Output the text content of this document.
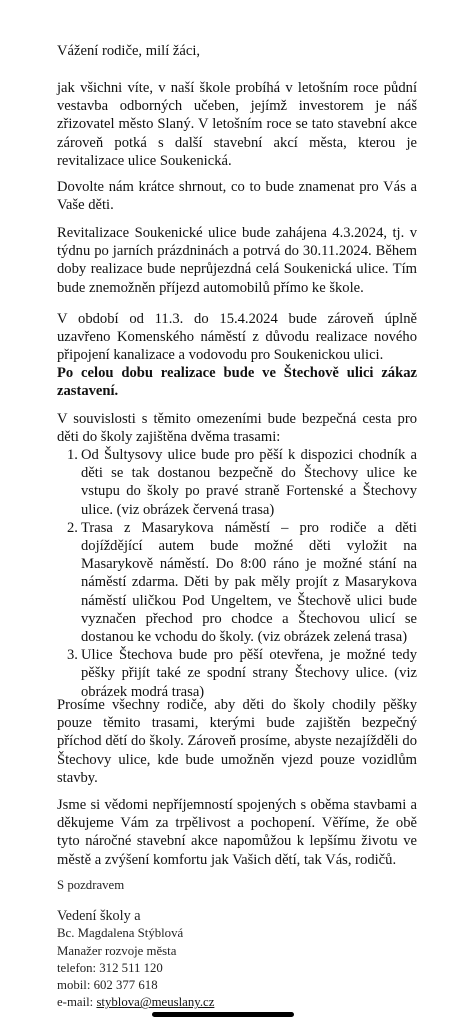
Vážení rodiče, milí žáci,

jak všichni víte, v naší škole probíhá v letošním roce půdní vestavba odborných učeben, jejímž investorem je náš zřizovatel město Slaný. V letošním roce se tato stavební akce zároveň potká s další stavební akcí města, kterou je revitalizace ulice Soukenická.

Dovolte nám krátce shrnout, co to bude znamenat pro Vás a Vaše děti.

Revitalizace Soukenické ulice bude zahájena 4.3.2024, tj. v týdnu po jarních prázdninách a potrvá do 30.11.2024. Během doby realizace bude neprůjezdná celá Soukenická ulice. Tím bude znemožněn příjezd automobilů přímo ke škole.

V období od 11.3. do 15.4.2024 bude zároveň úplně uzavřeno Komenského náměstí z důvodu realizace nového připojení kanalizace a vodovodu pro Soukenickou ulici.

Po celou dobu realizace bude ve Štechově ulici zákaz zastavení.

V souvislosti s těmito omezeními bude bezpečná cesta pro děti do školy zajištěna dvěma trasami:

1. Od Šultysovy ulice bude pro pěší k dispozici chodník a děti se tak dostanou bezpečně do Štechovy ulice ke vstupu do školy po pravé straně Fortenské a Štechovy ulice. (viz obrázek červená trasa)
2. Trasa z Masarykova náměstí – pro rodiče a děti dojíždějící autem bude možné děti vyložit na Masarykově náměstí. Do 8:00 ráno je možné stání na náměstí zdarma. Děti by pak měly projít z Masarykova náměstí uličkou Pod Ungeltem, ve Štechově ulici bude vyznačen přechod pro chodce a Štechovou ulicí se dostanou ke vchodu do školy. (viz obrázek zelená trasa)
3. Ulice Štechova bude pro pěší otevřena, je možné tedy pěšky přijít také ze spodní strany Štechovy ulice. (viz obrázek modrá trasa)

Prosíme všechny rodiče, aby děti do školy chodily pěšky pouze těmito trasami, kterými bude zajištěn bezpečný příchod dětí do školy. Zároveň prosíme, abyste nezajížděli do Štechovy ulice, kde bude umožněn vjezd pouze vozidlům stavby.

Jsme si vědomi nepříjemností spojených s oběma stavbami a děkujeme Vám za trpělivost a pochopení. Věříme, že obě tyto náročné stavební akce napomůžou k lepšímu životu ve městě a zvýšení komfortu jak Vašich dětí, tak Vás, rodičů.

S pozdravem

Vedení školy a
Bc. Magdalena Stýblová
Manažer rozvoje města
telefon: 312 511 120
mobil: 602 377 618
e-mail: styblova@meuslany.cz
